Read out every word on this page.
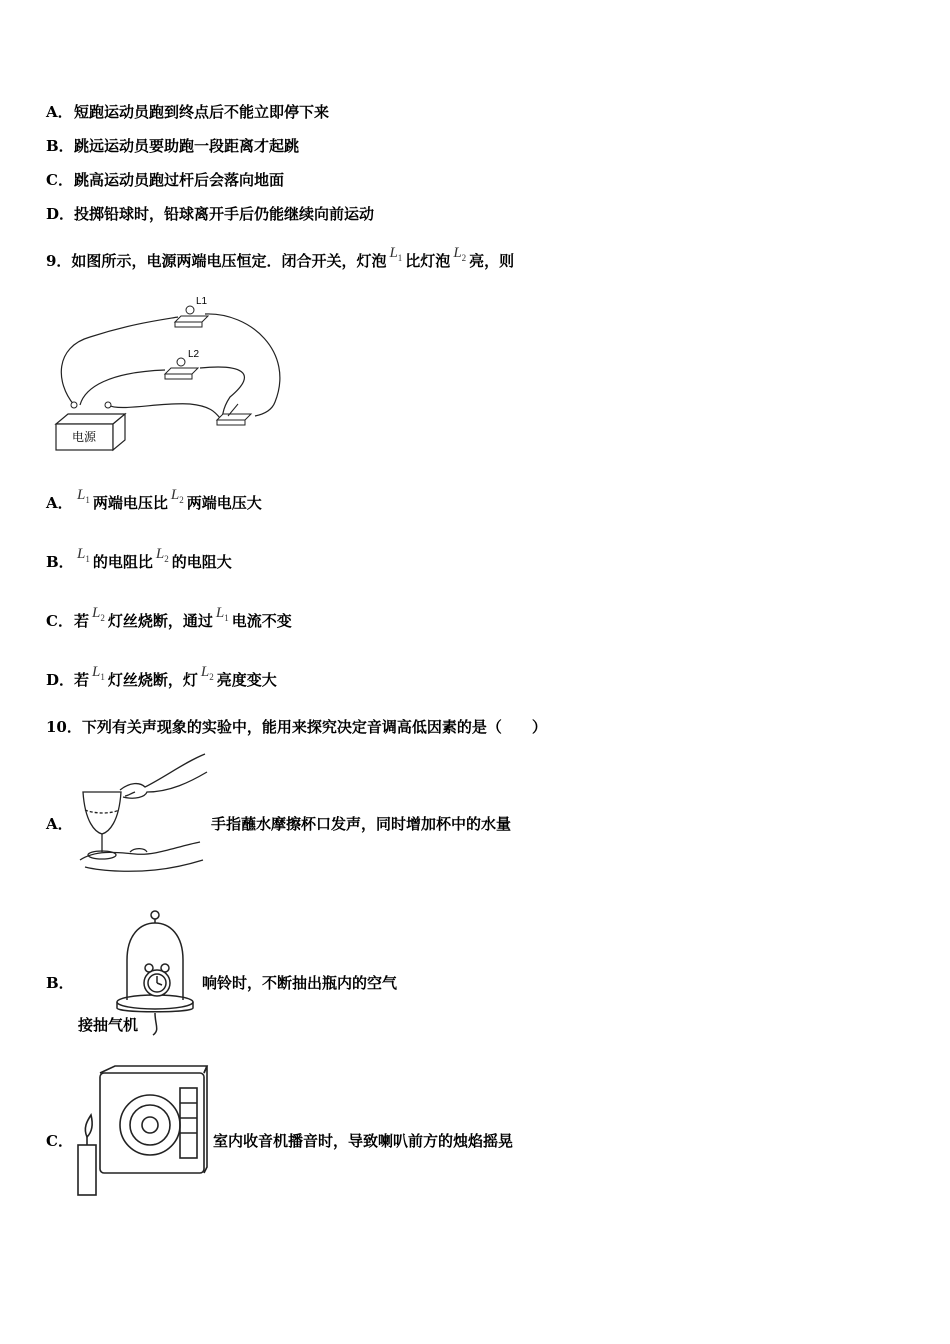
A．短跑运动员跑到终点后不能立即停下来
B．跳远运动员要助跑一段距离才起跳
C．跳高运动员跑过杆后会落向地面
D．投掷铅球时，铅球离开手后仍能继续向前运动
9．如图所示，电源两端电压恒定．闭合开关，灯泡 $L_1$ 比灯泡 $L_2$ 亮，则
电源
L1
L2
A． $L_1$ 两端电压比 $L_2$ 两端电压大
B． $L_1$ 的电阻比 $L_2$ 的电阻大
C．若 $L_2$ 灯丝烧断，通过 $L_1$ 电流不变
D．若 $L_1$ 灯丝烧断，灯 $L_2$ 亮度变大
10．下列有关声现象的实验中，能用来探究决定音调高低因素的是（　　）
A．	手指蘸水摩擦杯口发声，同时增加杯中的水量
B．
接抽气机
响铃时，不断抽出瓶内的空气
C．	室内收音机播音时，导致喇叭前方的烛焰摇晃
